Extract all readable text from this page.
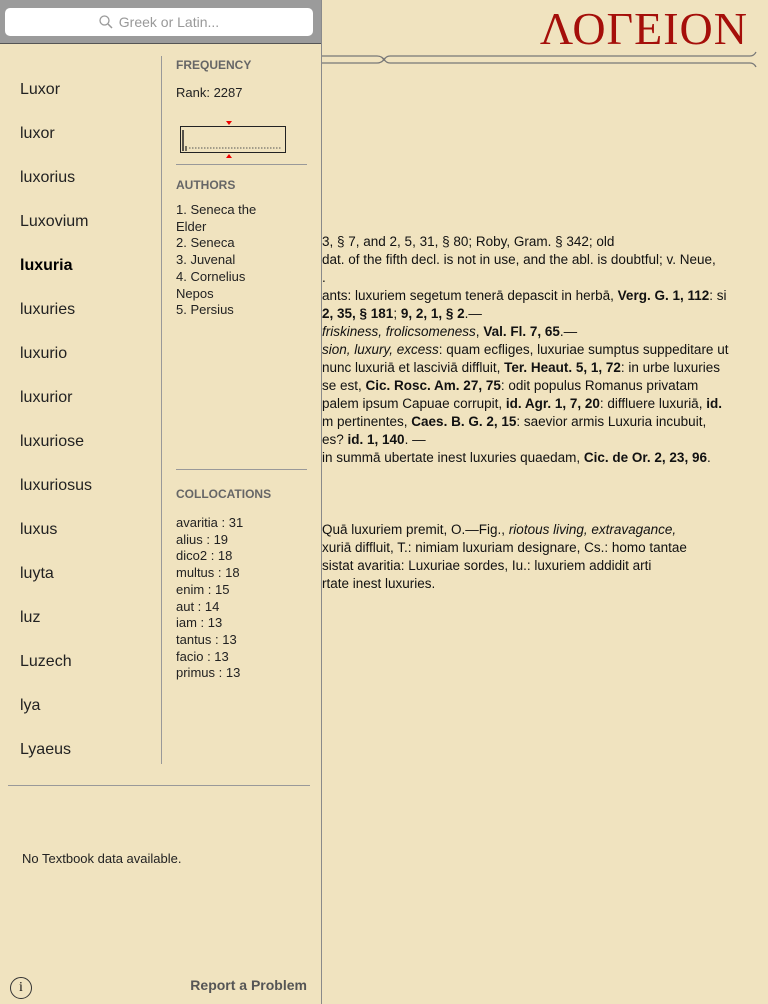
ΛΟΓΕΙΟΝ
3, § 7, and 2, 5, 31, § 80; Roby, Gram. § 342; old
dat. of the fifth decl. is not in use, and the abl. is doubtful; v. Neue,
.
ants: luxuriem segetum tenerā depascit in herbā, Verg. G. 1, 112: si
2, 35, § 181; 9, 2, 1, § 2.—
friskiness, frolicsomeness, Val. Fl. 7, 65.—
sion, luxury, excess: quam ecfliges, luxuriae sumptus suppeditare ut
nunc luxuriā et lasciviā diffluit, Ter. Heaut. 5, 1, 72: in urbe luxuries
se est, Cic. Rosc. Am. 27, 75: odit populus Romanus privatam
palem ipsum Capuae corrupit, id. Agr. 1, 7, 20: diffluere luxuriā, id.
m pertinentes, Caes. B. G. 2, 15: saevior armis Luxuria incubuit,
es? id. 1, 140. —
in summā ubertate inest luxuries quaedam, Cic. de Or. 2, 23, 96.
Quā luxuriem premit, O.—Fig., riotous living, extravagance,
xuriā diffluit, T.: nimiam luxuriam designare, Cs.: homo tantae
sistat avaritia: Luxuriae sordes, Iu.: luxuriem addidit arti
rtate inest luxuries.
Greek or Latin...
Luxor
luxor
luxorius
Luxovium
luxuria
luxuries
luxurio
luxurior
luxuriose
luxuriosus
luxus
luyta
luz
Luzech
lya
Lyaeus
FREQUENCY
Rank: 2287
AUTHORS
1. Seneca the Elder
2. Seneca
3. Juvenal
4. Cornelius Nepos
5. Persius
COLLOCATIONS
avaritia : 31
alius : 19
dico2 : 18
multus : 18
enim : 15
aut : 14
iam : 13
tantus : 13
facio : 13
primus : 13
No Textbook data available.
i	Report a Problem
